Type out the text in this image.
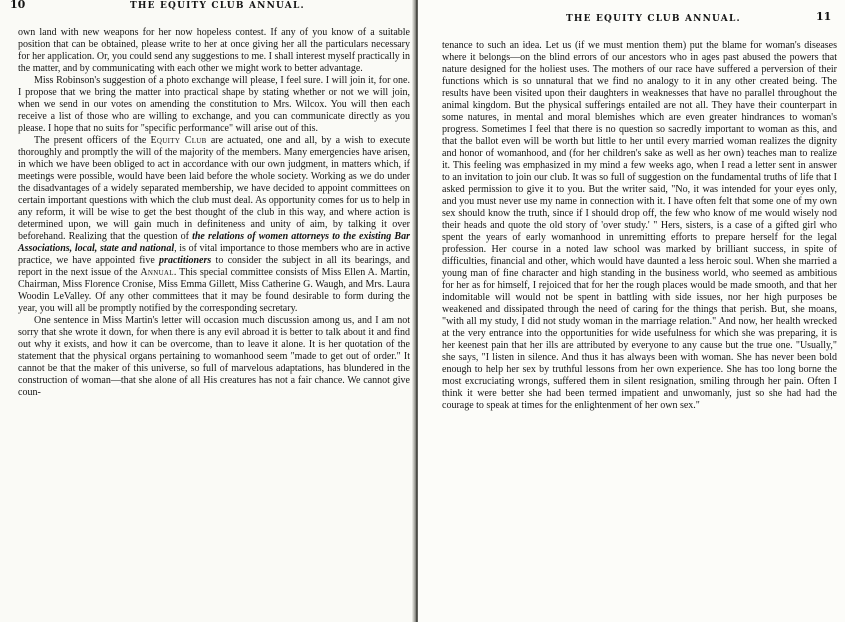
10	THE EQUITY CLUB ANNUAL.

own land with new weapons for her now hopeless contest. If any of you know of a suitable position that can be obtained, please write to her at once giving her all the particulars necessary for her application. Or, you could send any suggestions to me. I shall interest myself practically in the matter, and by communicating with each other we might work to better advantage.

Miss Robinson's suggestion of a photo exchange will please, I feel sure. I will join it, for one. I propose that we bring the matter into practical shape by stating whether or not we will join, when we send in our votes on amending the constitution to Mrs. Wilcox. You will then each receive a list of those who are willing to exchange, and you can communicate directly as you please. I hope that no suits for "specific performance" will arise out of this.

The present officers of the Equity Club are actuated, one and all, by a wish to execute thoroughly and promptly the will of the majority of the members. Many emergencies have arisen, in which we have been obliged to act in accordance with our own judgment, in matters which, if meetings were possible, would have been laid before the whole society. Working as we do under the disadvantages of a widely separated membership, we have decided to appoint committees on certain important questions with which the club must deal. As opportunity comes for us to help in any reform, it will be wise to get the best thought of the club in this way, and where action is determined upon, we will gain much in definiteness and unity of aim, by talking it over beforehand. Realizing that the question of the relations of women attorneys to the existing Bar Associations, local, state and national, is of vital importance to those members who are in active practice, we have appointed five practitioners to consider the subject in all its bearings, and report in the next issue of the Annual. This special committee consists of Miss Ellen A. Martin, Chairman, Miss Florence Cronise, Miss Emma Gillett, Miss Catherine G. Waugh, and Mrs. Laura Woodin LeValley. Of any other committees that it may be found desirable to form during the year, you will all be promptly notified by the corresponding secretary.

One sentence in Miss Martin's letter will occasion much discussion among us, and I am not sorry that she wrote it down, for when there is any evil abroad it is better to talk about it and find out why it exists, and how it can be overcome, than to leave it alone. It is her quotation of the statement that the physical organs pertaining to womanhood seem "made to get out of order." It cannot be that the maker of this universe, so full of marvelous adaptations, has blundered in the construction of woman—that she alone of all His creatures has not a fair chance. We cannot give coun-

THE EQUITY CLUB ANNUAL.	11

tenance to such an idea. Let us (if we must mention them) put the blame for woman's diseases where it belongs—on the blind errors of our ancestors who in ages past abused the powers that nature designed for the holiest uses. The mothers of our race have suffered a perversion of their functions which is so unnatural that we find no analogy to it in any other created being. The results have been visited upon their daughters in weaknesses that have no parallel throughout the animal kingdom. But the physical sufferings entailed are not all. They have their counterpart in some natures, in mental and moral blemishes which are even greater hindrances to woman's progress. Sometimes I feel that there is no question so sacredly important to woman as this, and that the ballot even will be worth but little to her until every married woman realizes the dignity and honor of womanhood, and (for her children's sake as well as her own) teaches man to realize it. This feeling was emphasized in my mind a few weeks ago, when I read a letter sent in answer to an invitation to join our club. It was so full of suggestion on the fundamental truths of life that I asked permission to give it to you. But the writer said, "No, it was intended for your eyes only, and you must never use my name in connection with it. I have often felt that some one of my own sex should know the truth, since if I should drop off, the few who know of me would wisely nod their heads and quote the old story of 'over study.' " Hers, sisters, is a case of a gifted girl who spent the years of early womanhood in unremitting efforts to prepare herself for the legal profession. Her course in a noted law school was marked by brilliant success, in spite of difficulties, financial and other, which would have daunted a less heroic soul. When she married a young man of fine character and high standing in the business world, who seemed as ambitious for her as for himself, I rejoiced that for her the rough places would be made smooth, and that her indomitable will would not be spent in battling with side issues, nor her high purposes be weakened and dissipated through the need of caring for the things that perish. But, she moans, "with all my study, I did not study woman in the marriage relation." And now, her health wrecked at the very entrance into the opportunities for wide usefulness for which she was preparing, it is her keenest pain that her ills are attributed by everyone to any cause but the true one. "Usually," she says, "I listen in silence. And thus it has always been with woman. She has never been bold enough to help her sex by truthful lessons from her own experience. She has too long borne the most excruciating wrongs, suffered them in silent resignation, smiling through her pain. Often I think it were better she had been termed impatient and unwomanly, just so she had had the courage to speak at times for the enlightenment of her own sex."
